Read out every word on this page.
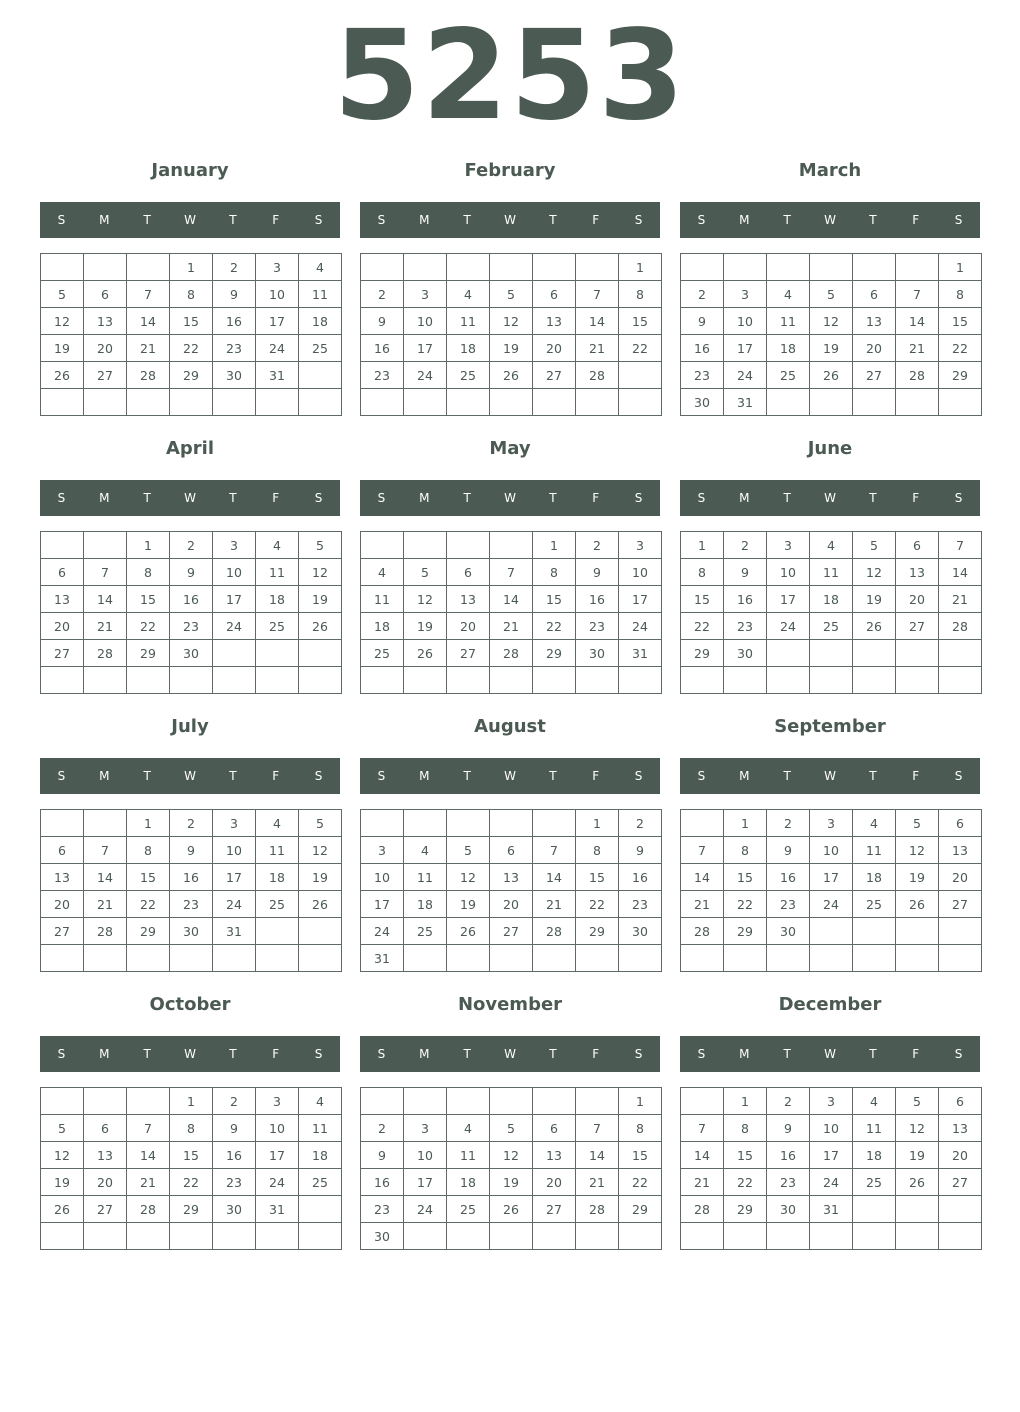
5253
January
S	M	T	W	T	F	S
			1	2	3	4
5	6	7	8	9	10	11
12	13	14	15	16	17	18
19	20	21	22	23	24	25
26	27	28	29	30	31	

February
S	M	T	W	T	F	S
						1
2	3	4	5	6	7	8
9	10	11	12	13	14	15
16	17	18	19	20	21	22
23	24	25	26	27	28	

March
S	M	T	W	T	F	S
						1
2	3	4	5	6	7	8
9	10	11	12	13	14	15
16	17	18	19	20	21	22
23	24	25	26	27	28	29
30	31					
April
S	M	T	W	T	F	S
		1	2	3	4	5
6	7	8	9	10	11	12
13	14	15	16	17	18	19
20	21	22	23	24	25	26
27	28	29	30			

May
S	M	T	W	T	F	S
				1	2	3
4	5	6	7	8	9	10
11	12	13	14	15	16	17
18	19	20	21	22	23	24
25	26	27	28	29	30	31

June
S	M	T	W	T	F	S
1	2	3	4	5	6	7
8	9	10	11	12	13	14
15	16	17	18	19	20	21
22	23	24	25	26	27	28
29	30					

July
S	M	T	W	T	F	S
		1	2	3	4	5
6	7	8	9	10	11	12
13	14	15	16	17	18	19
20	21	22	23	24	25	26
27	28	29	30	31		

August
S	M	T	W	T	F	S
					1	2
3	4	5	6	7	8	9
10	11	12	13	14	15	16
17	18	19	20	21	22	23
24	25	26	27	28	29	30
31						
September
S	M	T	W	T	F	S
	1	2	3	4	5	6
7	8	9	10	11	12	13
14	15	16	17	18	19	20
21	22	23	24	25	26	27
28	29	30				

October
S	M	T	W	T	F	S
			1	2	3	4
5	6	7	8	9	10	11
12	13	14	15	16	17	18
19	20	21	22	23	24	25
26	27	28	29	30	31	

November
S	M	T	W	T	F	S
						1
2	3	4	5	6	7	8
9	10	11	12	13	14	15
16	17	18	19	20	21	22
23	24	25	26	27	28	29
30						
December
S	M	T	W	T	F	S
	1	2	3	4	5	6
7	8	9	10	11	12	13
14	15	16	17	18	19	20
21	22	23	24	25	26	27
28	29	30	31			
